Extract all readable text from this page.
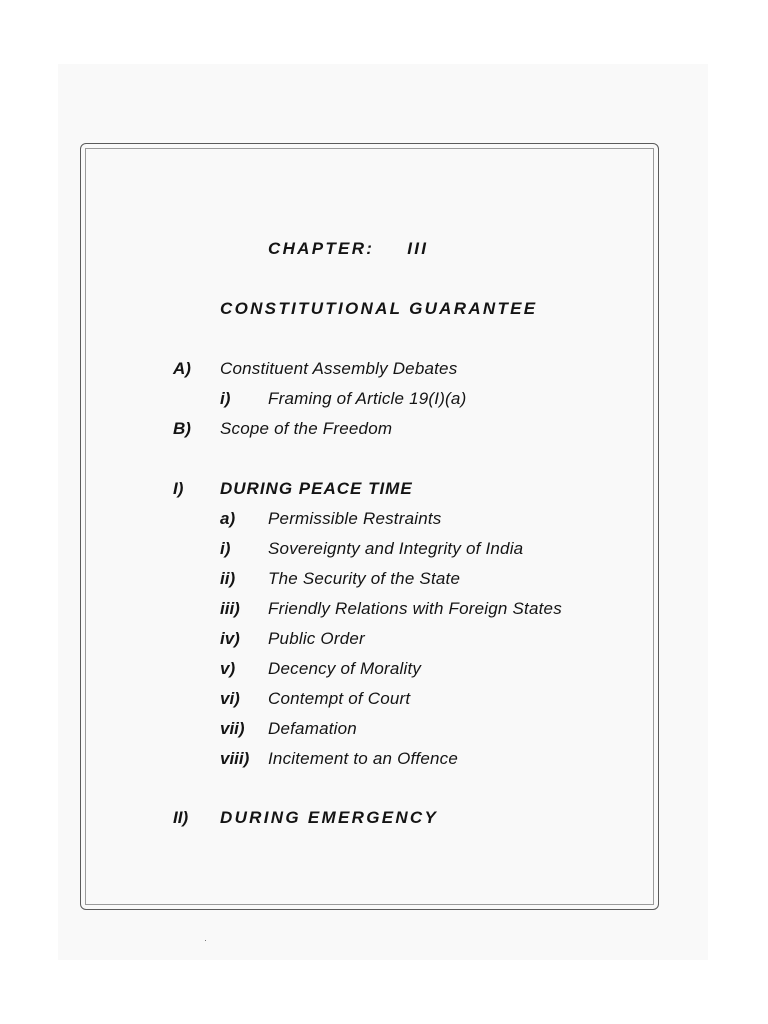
CHAPTER: III
CONSTITUTIONAL GUARANTEE
A) Constituent Assembly Debates
i) Framing of Article 19(I)(a)
B) Scope of the Freedom
I) DURING PEACE TIME
a) Permissible Restraints
i) Sovereignty and Integrity of India
ii) The Security of the State
iii) Friendly Relations with Foreign States
iv) Public Order
v) Decency of Morality
vi) Contempt of Court
vii) Defamation
viii) Incitement to an Offence
II) DURING EMERGENCY
